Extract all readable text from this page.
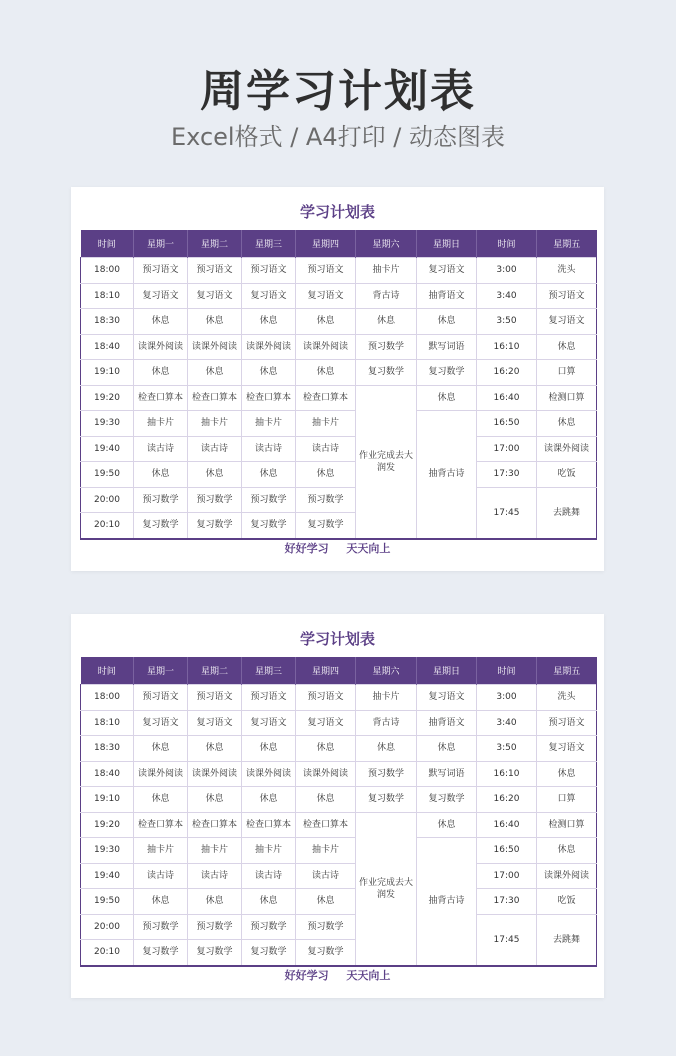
周学习计划表
Excel格式 / A4打印 / 动态图表
学习计划表
时间	星期一	星期二	星期三	星期四	星期六	星期日	时间	星期五
18:00	预习语文	预习语文	预习语文	预习语文	抽卡片	复习语文	3:00	洗头
18:10	复习语文	复习语文	复习语文	复习语文	背古诗	抽背语文	3:40	预习语文
18:30	休息	休息	休息	休息	休息	休息	3:50	复习语文
18:40	读课外阅读	读课外阅读	读课外阅读	读课外阅读	预习数学	默写词语	16:10	休息
19:10	休息	休息	休息	休息	复习数学	复习数学	16:20	口算
19:20	检查口算本	检查口算本	检查口算本	检查口算本	作业完成去大润发	休息	16:40	检测口算
19:30	抽卡片	抽卡片	抽卡片	抽卡片		抽背古诗	16:50	休息
19:40	读古诗	读古诗	读古诗	读古诗			17:00	读课外阅读
19:50	休息	休息	休息	休息			17:30	吃饭
20:00	预习数学	预习数学	预习数学	预习数学			17:45	去跳舞
20:10	复习数学	复习数学	复习数学	复习数学				
好好学习 天天向上
学习计划表
时间	星期一	星期二	星期三	星期四	星期六	星期日	时间	星期五
18:00	预习语文	预习语文	预习语文	预习语文	抽卡片	复习语文	3:00	洗头
18:10	复习语文	复习语文	复习语文	复习语文	背古诗	抽背语文	3:40	预习语文
18:30	休息	休息	休息	休息	休息	休息	3:50	复习语文
18:40	读课外阅读	读课外阅读	读课外阅读	读课外阅读	预习数学	默写词语	16:10	休息
19:10	休息	休息	休息	休息	复习数学	复习数学	16:20	口算
19:20	检查口算本	检查口算本	检查口算本	检查口算本	作业完成去大润发	休息	16:40	检测口算
19:30	抽卡片	抽卡片	抽卡片	抽卡片		抽背古诗	16:50	休息
19:40	读古诗	读古诗	读古诗	读古诗			17:00	读课外阅读
19:50	休息	休息	休息	休息			17:30	吃饭
20:00	预习数学	预习数学	预习数学	预习数学			17:45	去跳舞
20:10	复习数学	复习数学	复习数学	复习数学				
好好学习 天天向上
